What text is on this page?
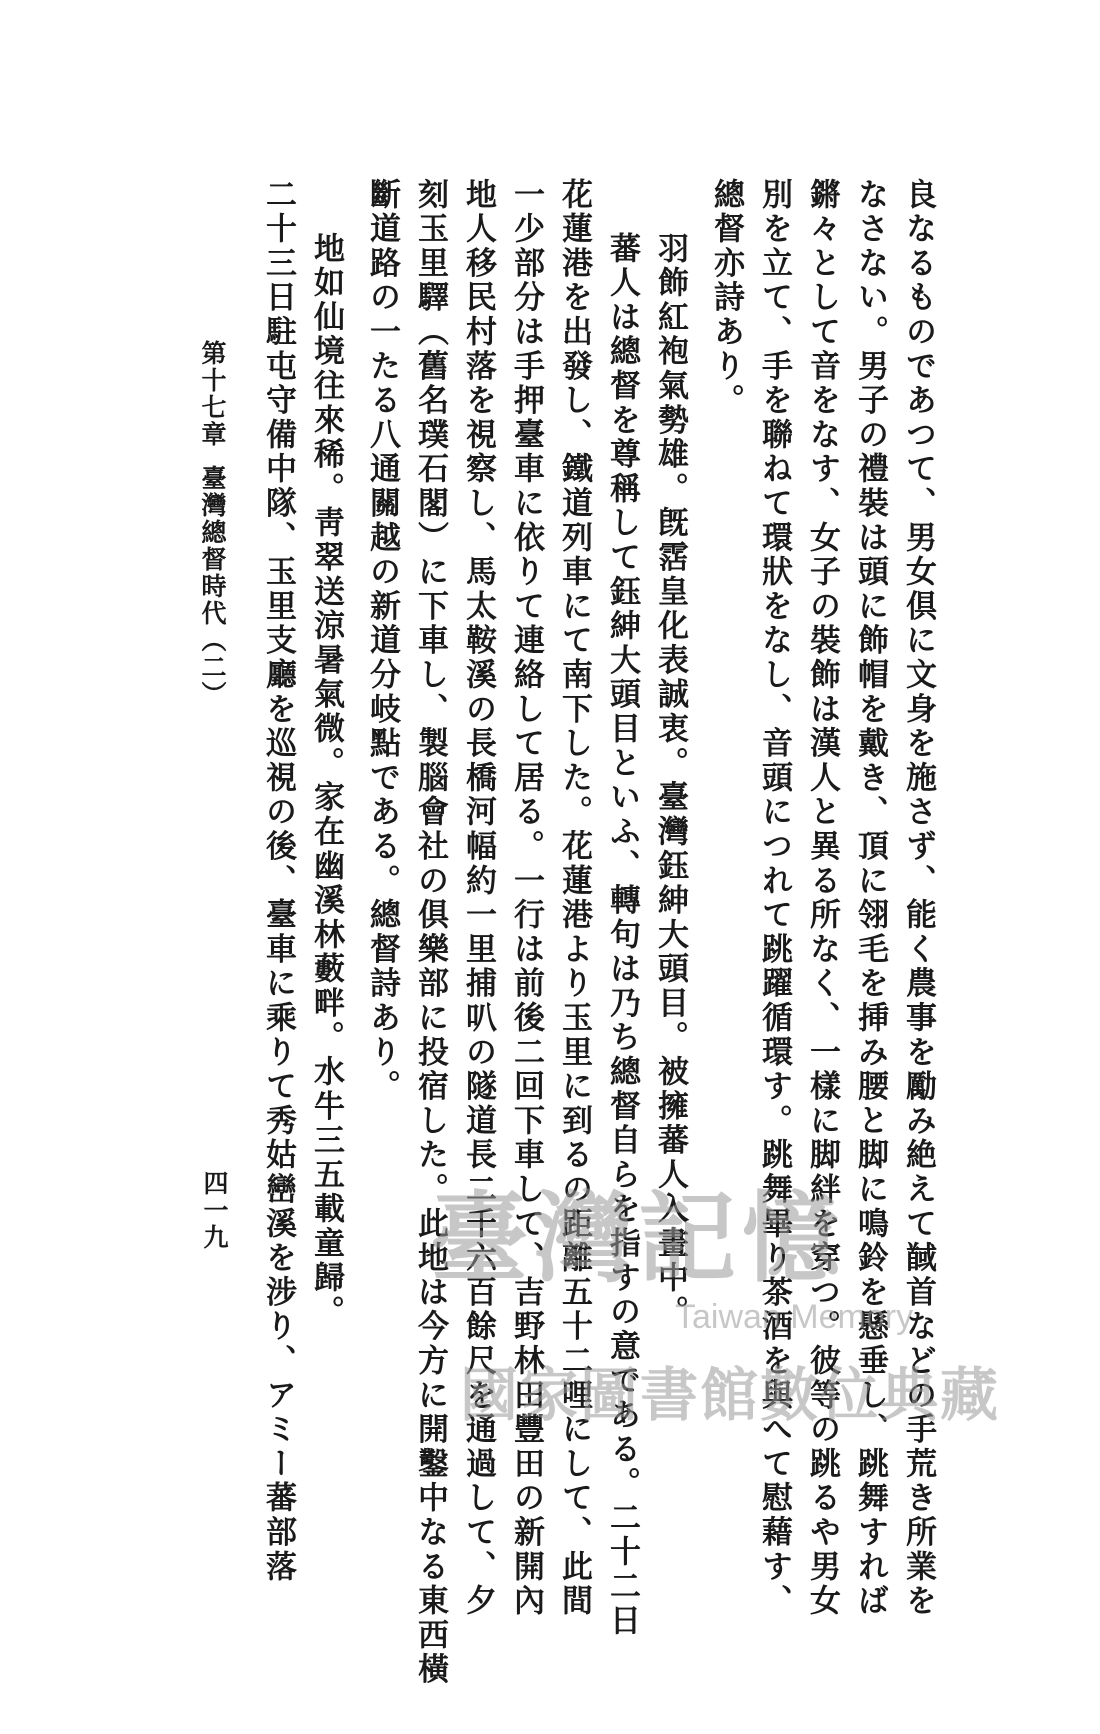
良なるものであつて、男女倶に文身を施さず、能く農事を勵み絶えて馘首などの手荒き所業を
なさない。男子の禮裝は頭に飾帽を戴き、頂に翎毛を挿み腰と脚に鳴鈴を懸垂し、跳舞すれば
鏘々として音をなす、女子の裝飾は漢人と異る所なく、一樣に脚絆を穿つ。彼等の跳るや男女
別を立て、手を聯ねて環狀をなし、音頭につれて跳躍循環す。跳舞畢り茶酒を與へて慰藉す、
總督亦詩あり。
羽飾紅袍氣勢雄。旣霑皇化表誠衷。臺灣鈺紳大頭目。被擁蕃人入畫中。
蕃人は總督を尊稱して鈺紳大頭目といふ、轉句は乃ち總督自らを指すの意である。二十二日
花蓮港を出發し、鐵道列車にて南下した。花蓮港より玉里に到るの距離五十二哩にして、此間
一少部分は手押臺車に依りて連絡して居る。一行は前後二回下車して、吉野林田豐田の新開內
地人移民村落を視察し、馬太鞍溪の長橋河幅約一里捕叭の隧道長二千六百餘尺を通過して、夕
刻玉里驛（舊名璞石閣）に下車し、製腦會社の俱樂部に投宿した。此地は今方に開鑿中なる東西橫
斷道路の一たる八通關越の新道分岐點である。總督詩あり。
地如仙境往來稀。靑翠送涼暑氣微。家在幽溪林藪畔。水牛三五載童歸。
二十三日駐屯守備中隊、玉里支廳を巡視の後、臺車に乘りて秀姑巒溪を涉り、アミー蕃部落
第十七章
臺灣總督時代（二）
四一九 臺灣記憶
Taiwan Memory
國家圖書館數位典藏
